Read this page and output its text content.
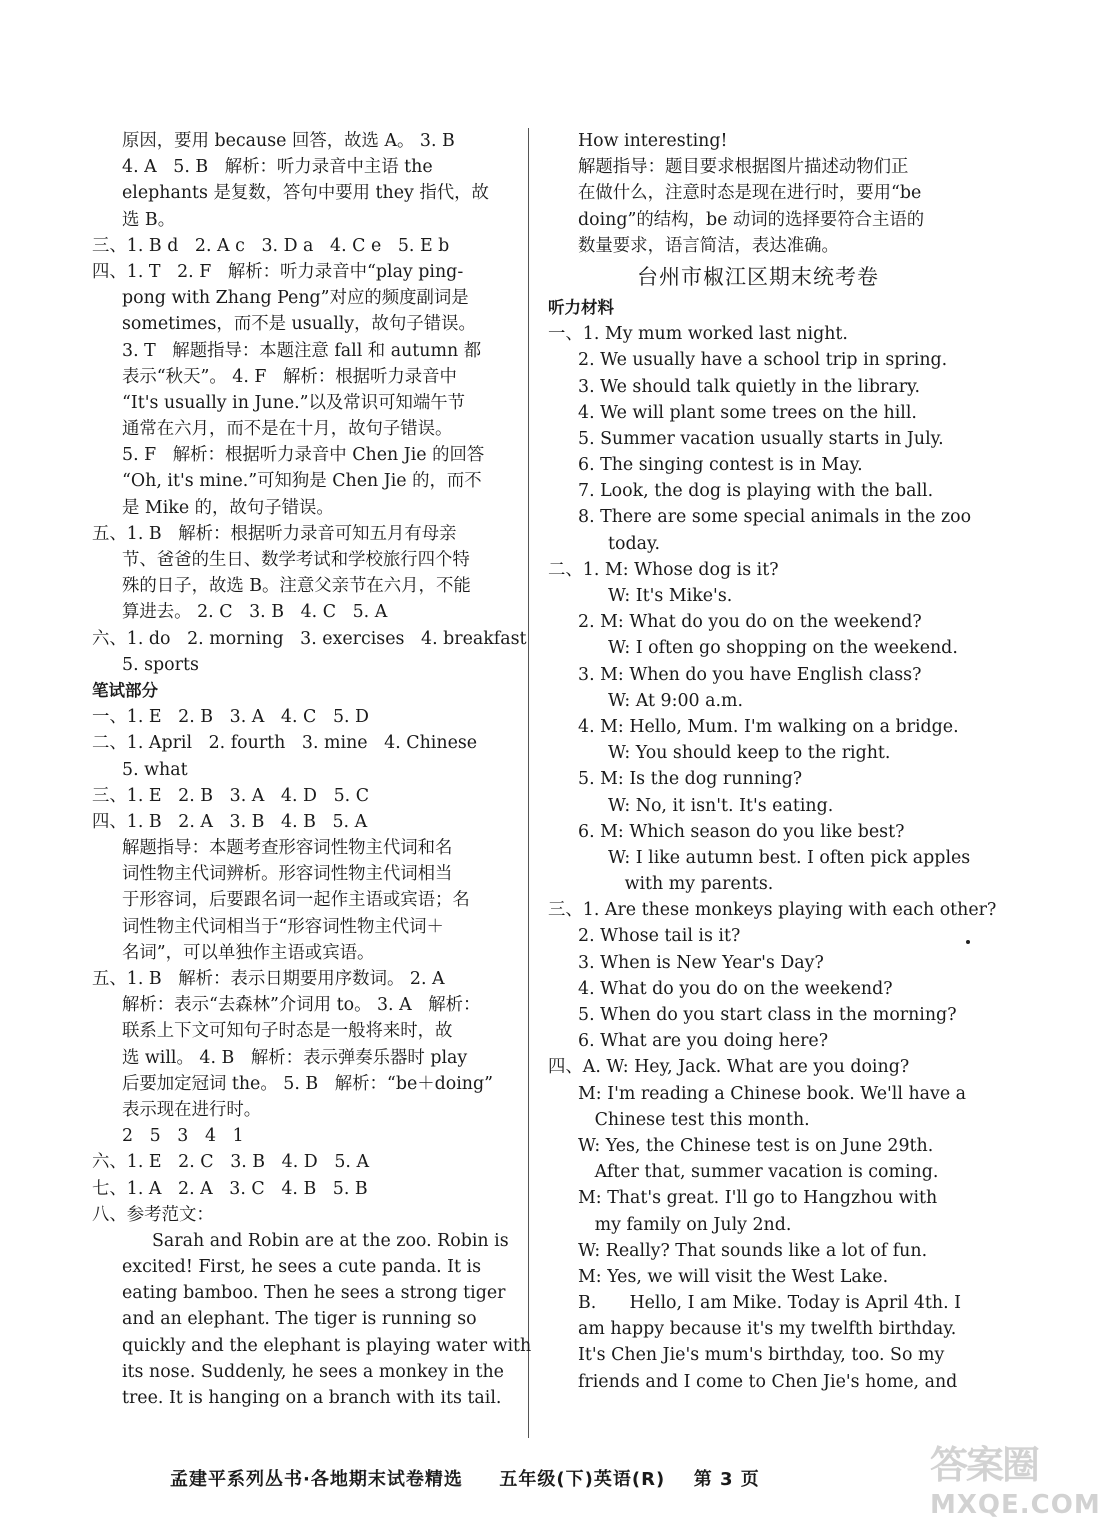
原因，要用 because 回答，故选 A。 3. B
4. A   5. B   解析：听力录音中主语 the
elephants 是复数，答句中要用 they 指代，故
选 B。
三、1. B d   2. A c   3. D a   4. C e   5. E b
四、1. T   2. F   解析：听力录音中“play ping-
pong with Zhang Peng”对应的频度副词是
sometimes，而不是 usually，故句子错误。
3. T   解题指导：本题注意 fall 和 autumn 都
表示“秋天”。 4. F   解析：根据听力录音中
“It's usually in June.”以及常识可知端午节
通常在六月，而不是在十月，故句子错误。
5. F   解析：根据听力录音中 Chen Jie 的回答
“Oh, it's mine.”可知狗是 Chen Jie 的，而不
是 Mike 的，故句子错误。
五、1. B   解析：根据听力录音可知五月有母亲
节、爸爸的生日、数学考试和学校旅行四个特
殊的日子，故选 B。注意父亲节在六月，不能
算进去。 2. C   3. B   4. C   5. A
六、1. do   2. morning   3. exercises   4. breakfast
5. sports
笔试部分
一、1. E   2. B   3. A   4. C   5. D
二、1. April   2. fourth   3. mine   4. Chinese
5. what
三、1. E   2. B   3. A   4. D   5. C
四、1. B   2. A   3. B   4. B   5. A
解题指导：本题考查形容词性物主代词和名
词性物主代词辨析。形容词性物主代词相当
于形容词，后要跟名词一起作主语或宾语；名
词性物主代词相当于“形容词性物主代词＋
名词”，可以单独作主语或宾语。
五、1. B   解析：表示日期要用序数词。 2. A
解析：表示“去森林”介词用 to。 3. A   解析：
联系上下文可知句子时态是一般将来时，故
选 will。 4. B   解析：表示弹奏乐器时 play
后要加定冠词 the。 5. B   解析：“be＋doing”
表示现在进行时。
2   5   3   4   1
六、1. E   2. C   3. B   4. D   5. A
七、1. A   2. A   3. C   4. B   5. B
八、参考范文：
Sarah and Robin are at the zoo. Robin is
excited! First, he sees a cute panda. It is
eating bamboo. Then he sees a strong tiger
and an elephant. The tiger is running so
quickly and the elephant is playing water with
its nose. Suddenly, he sees a monkey in the
tree. It is hanging on a branch with its tail.
How interesting!
解题指导：题目要求根据图片描述动物们正
在做什么，注意时态是现在进行时，要用“be
doing”的结构，be 动词的选择要符合主语的
数量要求，语言简洁，表达准确。
台州市椒江区期末统考卷
听力材料
一、1. My mum worked last night.
2. We usually have a school trip in spring.
3. We should talk quietly in the library.
4. We will plant some trees on the hill.
5. Summer vacation usually starts in July.
6. The singing contest is in May.
7. Look, the dog is playing with the ball.
8. There are some special animals in the zoo
today.
二、1. M: Whose dog is it?
W: It's Mike's.
2. M: What do you do on the weekend?
W: I often go shopping on the weekend.
3. M: When do you have English class?
W: At 9:00 a.m.
4. M: Hello, Mum. I'm walking on a bridge.
W: You should keep to the right.
5. M: Is the dog running?
W: No, it isn't. It's eating.
6. M: Which season do you like best?
W: I like autumn best. I often pick apples
with my parents.
三、1. Are these monkeys playing with each other?
2. Whose tail is it?
3. When is New Year's Day?
4. What do you do on the weekend?
5. When do you start class in the morning?
6. What are you doing here?
四、A. W: Hey, Jack. What are you doing?
M: I'm reading a Chinese book. We'll have a
Chinese test this month.
W: Yes, the Chinese test is on June 29th.
After that, summer vacation is coming.
M: That's great. I'll go to Hangzhou with
my family on July 2nd.
W: Really? That sounds like a lot of fun.
M: Yes, we will visit the West Lake.
B.      Hello, I am Mike. Today is April 4th. I
am happy because it's my twelfth birthday.
It's Chen Jie's mum's birthday, too. So my
friends and I come to Chen Jie's home, and
孟建平系列丛书·各地期末试卷精选 五年级(下)英语(R) 第 3 页	答案圈
MXQE.COM
